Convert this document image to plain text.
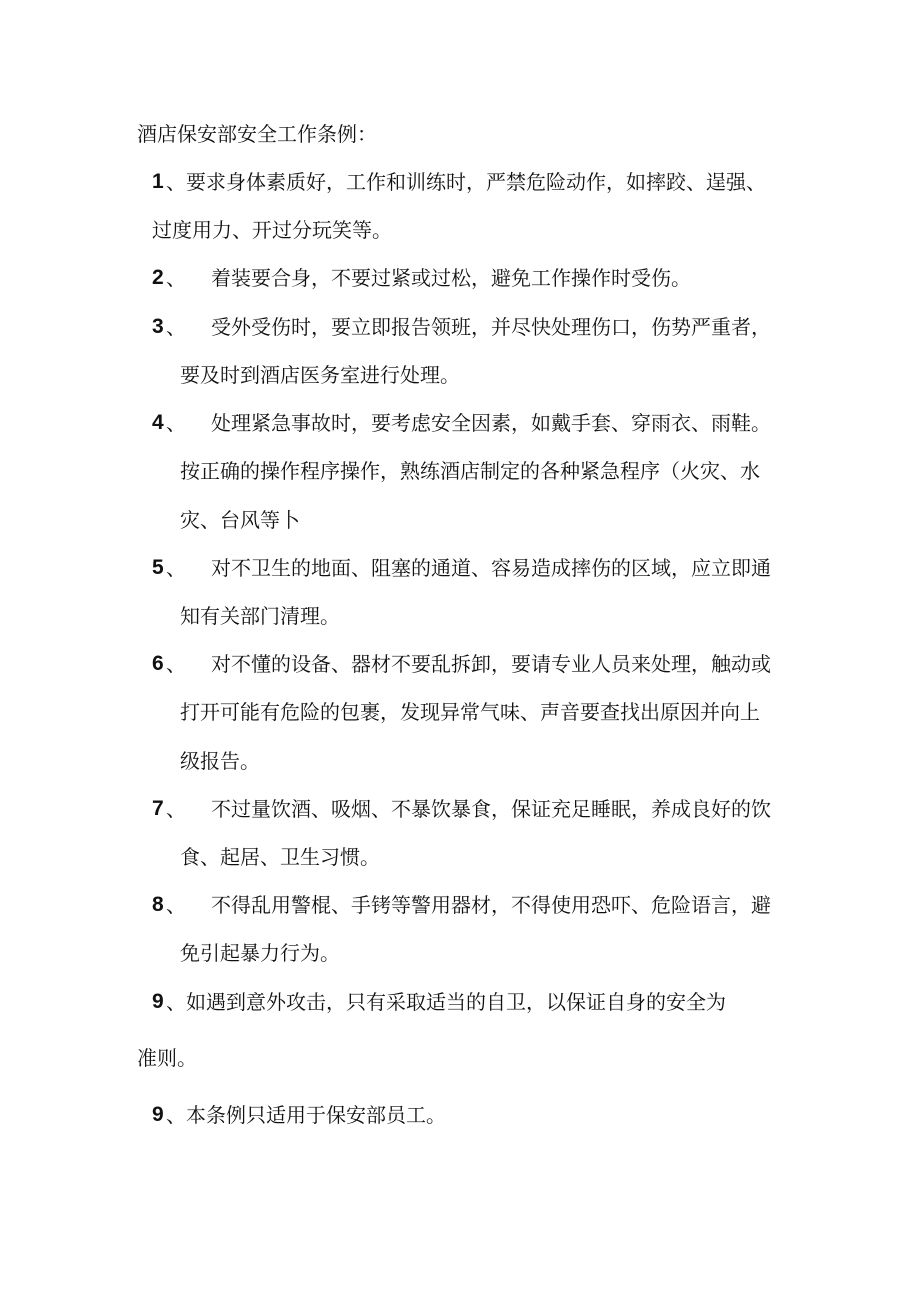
酒店保安部安全工作条例：
1 、 要求身体素质好，工作和训练时，严禁危险动作，如摔跤、逞强、
过度用力、开过分玩笑等。
2 、 着装要合身，不要过紧或过松，避免工作操作时受伤。
3 、 受外受伤时，要立即报告领班，并尽快处理伤口，伤势严重者，
要及时到酒店医务室进行处理。
4 、 处理紧急事故时，要考虑安全因素，如戴手套、穿雨衣、雨鞋。
按正确的操作程序操作，熟练酒店制定的各种紧急程序（火灾、水
灾、台风等卜
5 、 对不卫生的地面、阻塞的通道、容易造成摔伤的区域，应立即通
知有关部门清理。
6 、 对不懂的设备、器材不要乱拆卸，要请专业人员来处理，触动或
打开可能有危险的包裹，发现异常气味、声音要查找出原因并向上
级报告。
7 、 不过量饮酒、吸烟、不暴饮暴食，保证充足睡眠，养成良好的饮
食、起居、卫生习惯。
8 、 不得乱用警棍、手铐等警用器材，不得使用恐吓、危险语言，避
免引起暴力行为。
9 、 如遇到意外攻击，只有采取适当的自卫，以保证自身的安全为
准则。
9 、 本条例只适用于保安部员工。
